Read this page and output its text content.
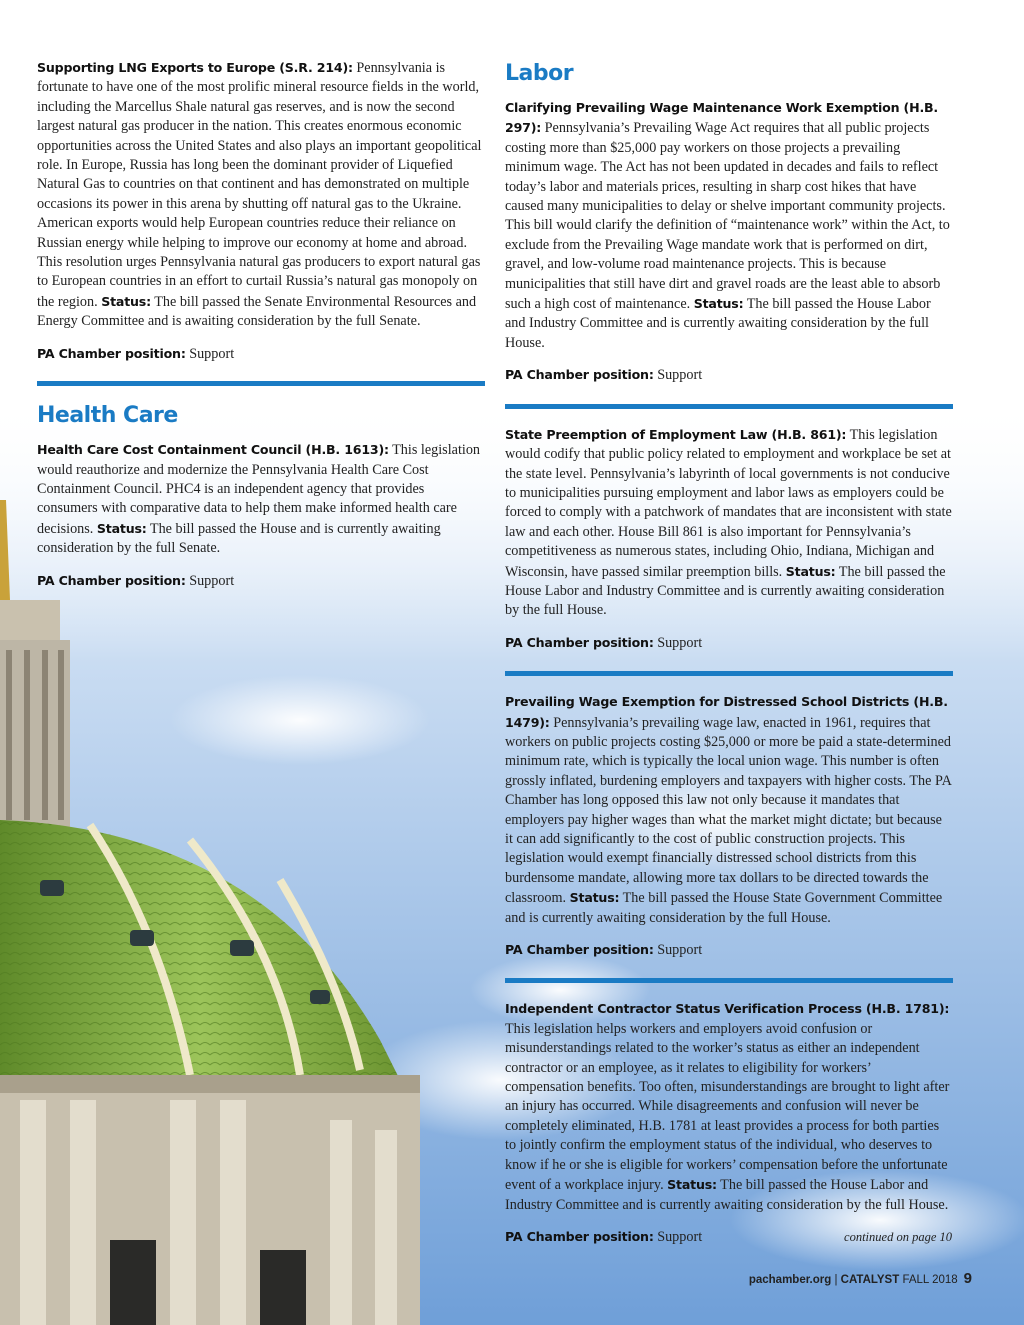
Supporting LNG Exports to Europe (S.R. 214): Pennsylvania is fortunate to have one of the most prolific mineral resource fields in the world, including the Marcellus Shale natural gas reserves, and is now the second largest natural gas producer in the nation. This creates enormous economic opportunities across the United States and also plays an important geopolitical role. In Europe, Russia has long been the dominant provider of Liquefied Natural Gas to countries on that continent and has demonstrated on multiple occasions its power in this arena by shutting off natural gas to the Ukraine. American exports would help European countries reduce their reliance on Russian energy while helping to improve our economy at home and abroad. This resolution urges Pennsylvania natural gas producers to export natural gas to European countries in an effort to curtail Russia’s natural gas monopoly on the region. Status: The bill passed the Senate Environmental Resources and Energy Committee and is awaiting consideration by the full Senate.

PA Chamber position: Support

Health Care

Health Care Cost Containment Council (H.B. 1613): This legislation would reauthorize and modernize the Pennsylvania Health Care Cost Containment Council. PHC4 is an independent agency that provides consumers with comparative data to help them make informed health care decisions. Status: The bill passed the House and is currently awaiting consideration by the full Senate.

PA Chamber position: Support

Labor

Clarifying Prevailing Wage Maintenance Work Exemption (H.B. 297): Pennsylvania’s Prevailing Wage Act requires that all public projects costing more than $25,000 pay workers on those projects a prevailing minimum wage. The Act has not been updated in decades and fails to reflect today’s labor and materials prices, resulting in sharp cost hikes that have caused many municipalities to delay or shelve important community projects. This bill would clarify the definition of “maintenance work” within the Act, to exclude from the Prevailing Wage mandate work that is performed on dirt, gravel, and low-volume road maintenance projects. This is because municipalities that still have dirt and gravel roads are the least able to absorb such a high cost of maintenance. Status: The bill passed the House Labor and Industry Committee and is currently awaiting consideration by the full House.

PA Chamber position: Support

State Preemption of Employment Law (H.B. 861): This legislation would codify that public policy related to employment and workplace be set at the state level. Pennsylvania’s labyrinth of local governments is not conducive to municipalities pursuing employment and labor laws as employers could be forced to comply with a patchwork of mandates that are inconsistent with state law and each other. House Bill 861 is also important for Pennsylvania’s competitiveness as numerous states, including Ohio, Indiana, Michigan and Wisconsin, have passed similar preemption bills. Status: The bill passed the House Labor and Industry Committee and is currently awaiting consideration by the full House.

PA Chamber position: Support

Prevailing Wage Exemption for Distressed School Districts (H.B. 1479): Pennsylvania’s prevailing wage law, enacted in 1961, requires that workers on public projects costing $25,000 or more be paid a state-determined minimum rate, which is typically the local union wage. This number is often grossly inflated, burdening employers and taxpayers with higher costs. The PA Chamber has long opposed this law not only because it mandates that employers pay higher wages than what the market might dictate; but because it can add significantly to the cost of public construction projects. This legislation would exempt financially distressed school districts from this burdensome mandate, allowing more tax dollars to be directed towards the classroom. Status: The bill passed the House State Government Committee and is currently awaiting consideration by the full House.

PA Chamber position: Support

Independent Contractor Status Verification Process (H.B. 1781): This legislation helps workers and employers avoid confusion or misunderstandings related to the worker’s status as either an independent contractor or an employee, as it relates to eligibility for workers’ compensation benefits. Too often, misunderstandings are brought to light after an injury has occurred. While disagreements and confusion will never be completely eliminated, H.B. 1781 at least provides a process for both parties to jointly confirm the employment status of the individual, who deserves to know if he or she is eligible for workers’ compensation before the unfortunate event of a workplace injury. Status: The bill passed the House Labor and Industry Committee and is currently awaiting consideration by the full House.

PA Chamber position: Support	continued on page 10
pachamber.org | CATALYST FALL 2018 9
